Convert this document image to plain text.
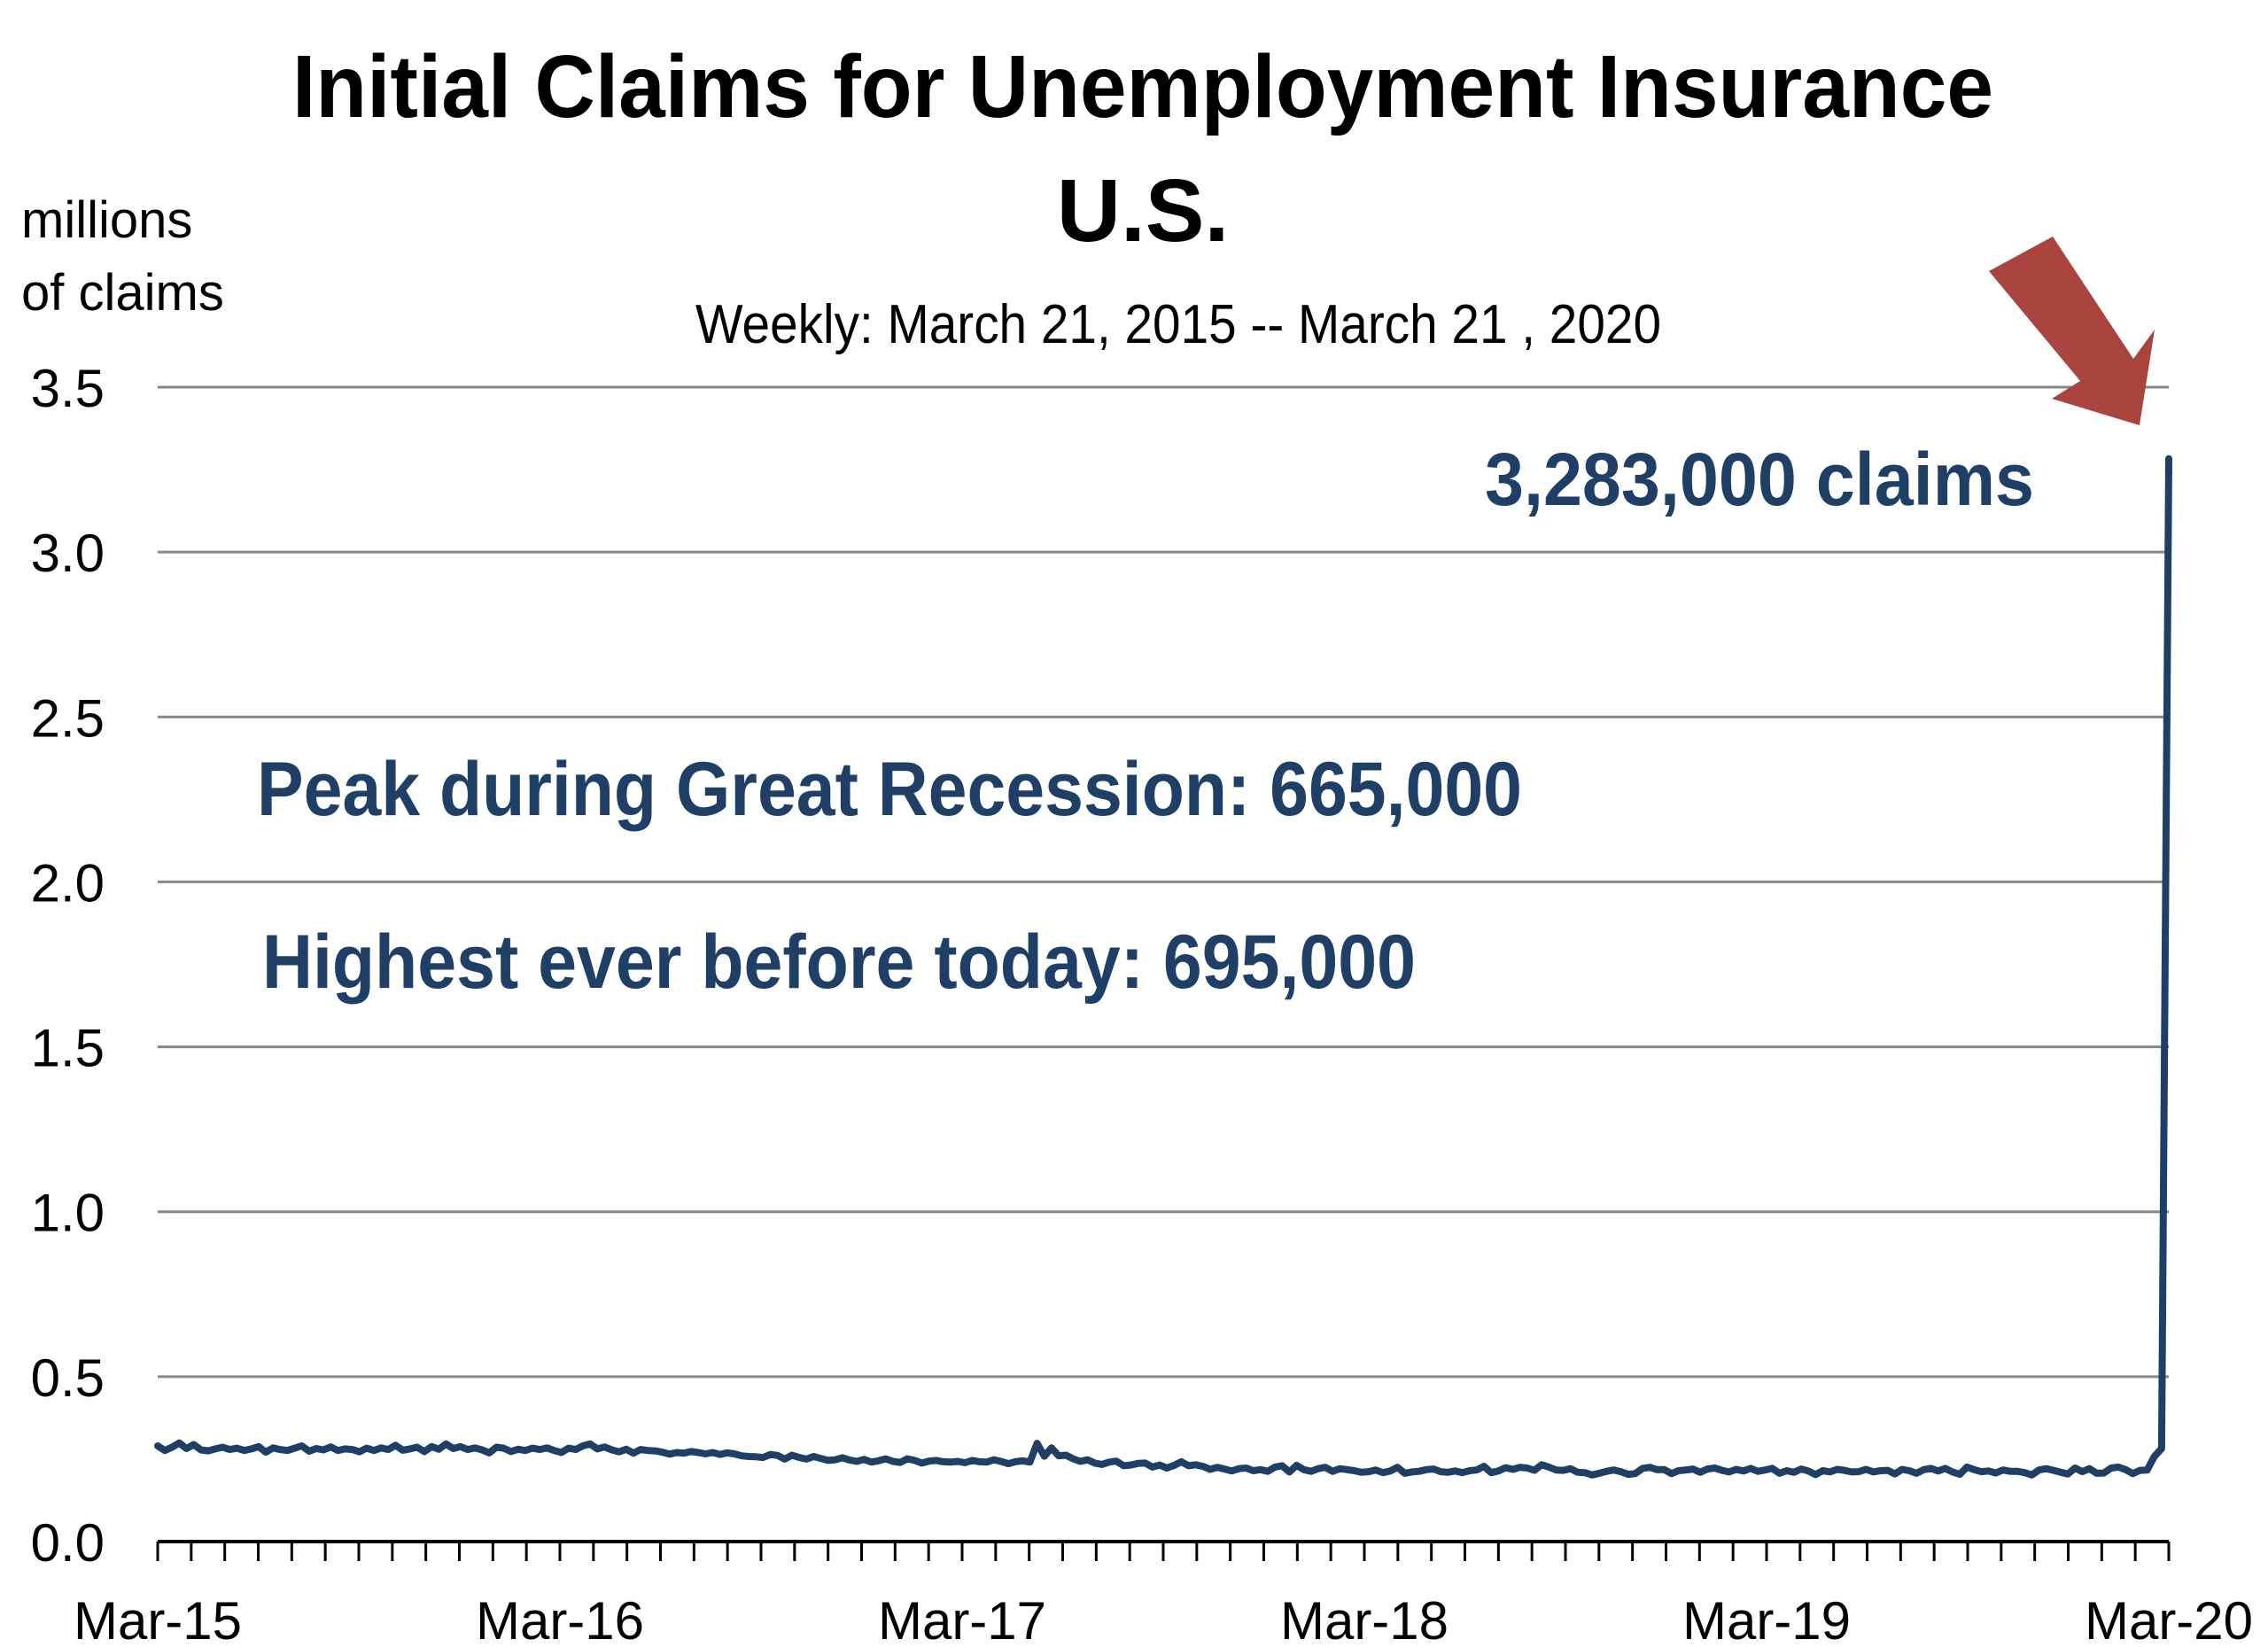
Initial Claims for Unemployment Insurance
U.S.
Weekly: March 21, 2015 -- March 21 , 2020
millions
of claims
0.0
0.5
1.0
1.5
2.0
2.5
3.0
3.5
Mar-15	Mar-16	Mar-17	Mar-18	Mar-19	Mar-20
3,283,000 claims
Peak during Great Recession: 665,000
Highest ever before today: 695,000
